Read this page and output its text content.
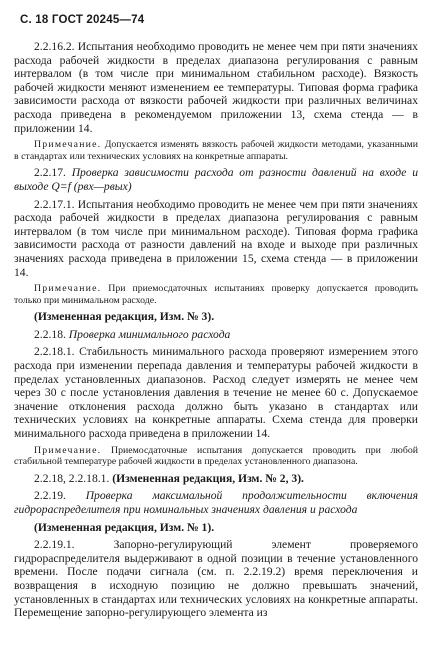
С. 18 ГОСТ 20245—74

2.2.16.2. Испытания необходимо проводить не менее чем при пяти значениях расхода рабочей жидкости в пределах диапазона регулирования с равным интервалом (в том числе при минимальном стабильном расходе). Вязкость рабочей жидкости меняют изменением ее температуры. Типовая форма графика зависимости расхода от вязкости рабочей жидкости при различных величинах расхода приведена в рекомендуемом приложении 13, схема стенда — в приложении 14.

Примечание. Допускается изменять вязкость рабочей жидкости методами, указанными в стандартах или технических условиях на конкретные аппараты.

2.2.17. Проверка зависимости расхода от разности давлений на входе и выходе Q=f (pвх—pвых)

2.2.17.1. Испытания необходимо проводить не менее чем при пяти значениях расхода рабочей жидкости в пределах диапазона регулирования с равным интервалом (в том числе при минимальном расходе). Типовая форма графика зависимости расхода от разности давлений на входе и выходе при различных значениях расхода приведена в приложении 15, схема стенда — в приложении 14.

Примечание. При приемосдаточных испытаниях проверку допускается проводить только при минимальном расходе.

(Измененная редакция, Изм. № 3).

2.2.18. Проверка минимального расхода

2.2.18.1. Стабильность минимального расхода проверяют измерением этого расхода при изменении перепада давления и температуры рабочей жидкости в пределах установленных диапазонов. Расход следует измерять не менее чем через 30 с после установления давления в течение не менее 60 с. Допускаемое значение отклонения расхода должно быть указано в стандартах или технических условиях на конкретные аппараты. Схема стенда для проверки минимального расхода приведена в приложении 14.

Примечание. Приемосдаточные испытания допускается проводить при любой стабильной температуре рабочей жидкости в пределах установленного диапазона.

2.2.18, 2.2.18.1. (Измененная редакция, Изм. № 2, 3).

2.2.19. Проверка максимальной продолжительности включения гидрораспределителя при номинальных значениях давления и расхода

(Измененная редакция, Изм. № 1).

2.2.19.1.	Запорно-регулирующий элемент проверяемого гидрораспределителя выдерживают в одной позиции в течение установленного времени. После подачи сигнала (см. п. 2.2.19.2) время переключения и возвращения в исходную позицию не должно превышать значений, установленных в стандартах или технических условиях на конкретные аппараты. Перемещение запорно-регулирующего элемента из
